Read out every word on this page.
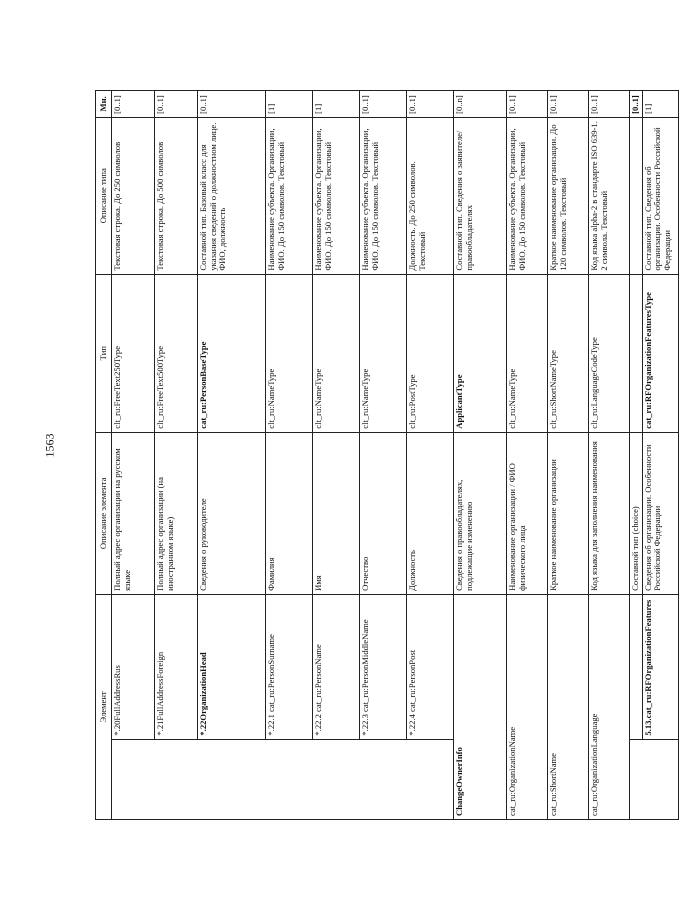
1563
Элемент		Описание элемента	Тип	Описание типа	Мн.
	*.20FullAddressRus	Полный адрес организации на русском языке	clt_ru:FreeText250Type	Текстовая строка. До 250 символов	[0..1]
	*.21FullAddressForeign	Полный адрес организации (на иностранном языке)	clt_ru:FreeText500Type	Текстовая строка. До 500 символов	[0..1]
	*.22OrganizationHead	Сведения о руководителе	cat_ru:PersonBaseType	Составной тип. Базовый класс для указания сведений о должностном лице. ФИО, должность	[0..1]
	*.22.1 cat_ru:PersonSurname	Фамилия	clt_ru:NameType	Наименование субъекта. Организации, ФИО. До 150 символов. Текстовый	[1]
	*.22.2 cat_ru:PersonName	Имя	clt_ru:NameType	Наименование субъекта. Организации, ФИО. До 150 символов. Текстовый	[1]
	*.22.3 cat_ru:PersonMiddleName	Отчество	clt_ru:NameType	Наименование субъекта. Организации, ФИО. До 150 символов. Текстовый	[0..1]
	*.22.4 cat_ru:PersonPost	Должность	clt_ru:PostType	Должность. До 250 символов. Текстовый	[0..1]
ChangeOwnerInfo		Сведения о правообладателях, подлежащие изменению	ApplicantType	Составной тип. Сведения о заявителе/правообладателях	[0..n]
cat_ru:OrganizationName		Наименование организации / ФИО физического лица	clt_ru:NameType	Наименование субъекта. Организации, ФИО. До 150 символов. Текстовый	[0..1]
cat_ru:ShortName		Краткое наименование организации	clt_ru:ShortNameType	Краткое наименование организации. До 120 символов. Текстовый	[0..1]
cat_ru:OrganizationLanguage		Код языка для заполнения наименования	clt_ru:LanguageCodeType	Код языка alpha-2 в стандарте ISO 639-1. 2 символа. Текстовый	[0..1]
		Составной тип (choice)			[0..1]
	5.13.cat_ru:RFOrganizationFeatures	Сведения об организации. Особенности Российской Федерации	cat_ru:RFOrganizationFeaturesType	Составной тип. Сведения об организации. Особенности Российской Федерации	[1]
